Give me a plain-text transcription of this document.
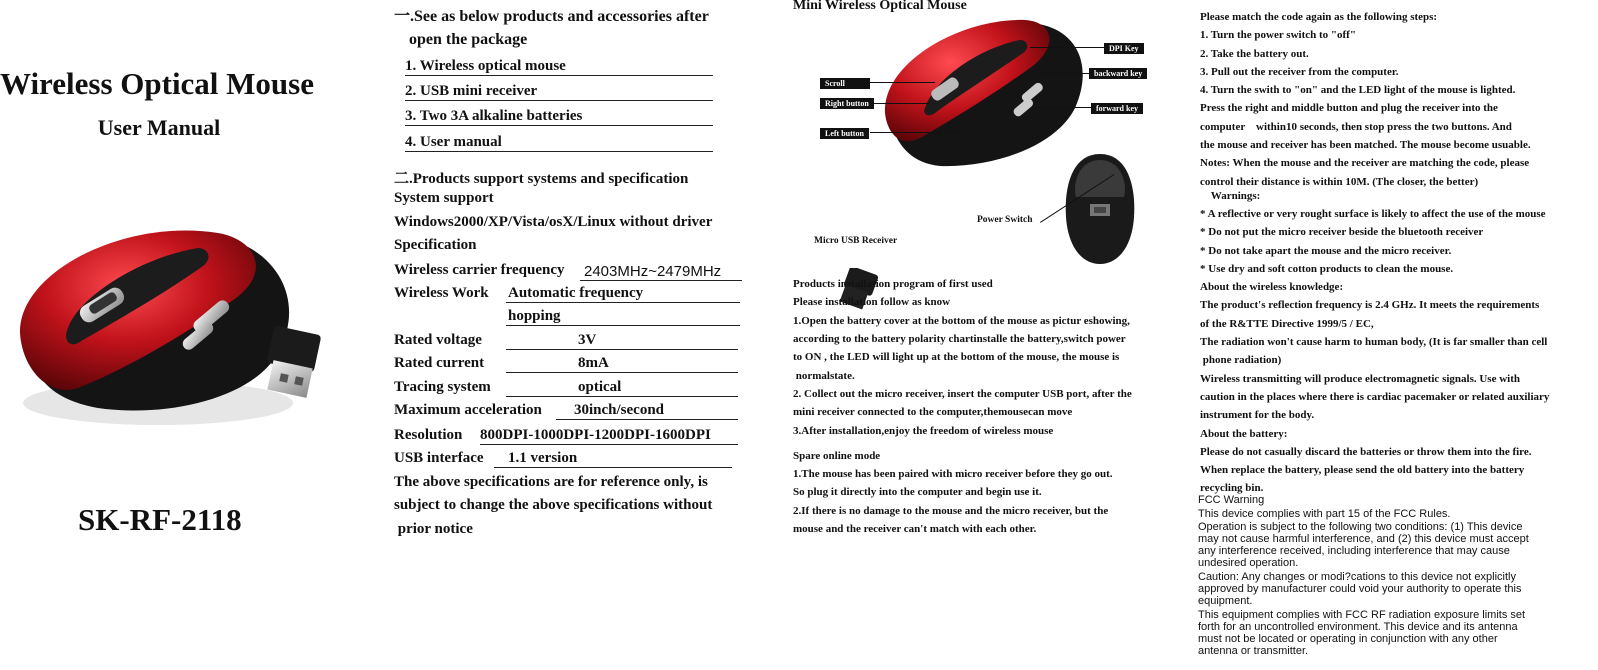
Wireless Optical Mouse
User Manual
SK-RF-2118
一.See as below products and accessories after
open the package
1. Wireless optical mouse
2. USB mini receiver
3. Two 3A alkaline batteries
4. User manual
二.Products support systems and specification
System support
Windows2000/XP/Vista/osX/Linux without driver
Specification
Wireless carrier frequency 2403MHz~2479MHz
Wireless Work Automatic frequency
hopping
Rated voltage	3V
Rated current	8mA
Tracing system	optical
Maximum acceleration	30inch/second
Resolution 800DPI-1000DPI-1200DPI-1600DPI
USB interface	1.1 version
The above specifications are for reference only, is
subject to change the above specifications without
prior notice
Mini Wireless Optical Mouse
DPI Key
backward key
forward key
Scroll
Right button
Left button
Power Switch
Micro USB Receiver
Products installation program of first used
Please installation follow as know
1.Open the battery cover at the bottom of the mouse as pictur eshowing,
according to the battery polarity chartinstalle the battery,switch power
to ON , the LED will light up at the bottom of the mouse, the mouse is
normalstate.
2. Collect out the micro receiver, insert the computer USB port, after the
mini receiver connected to the computer,themousecan move
3.After installation,enjoy the freedom of wireless mouse
Spare online mode
1.The mouse has been paired with micro receiver before they go out.
So plug it directly into the computer and begin use it.
2.If there is no damage to the mouse and the micro receiver, but the
mouse and the receiver can't match with each other.
Please match the code again as the following steps:
1. Turn the power switch to "off"
2. Take the battery out.
3. Pull out the receiver from the computer.
4. Turn the swith to "on" and the LED light of the mouse is lighted.
Press the right and middle button and plug the receiver into the
computer    within10 seconds, then stop press the two buttons. And
the mouse and receiver has been matched. The mouse become usuable.
Notes: When the mouse and the receiver are matching the code, please
control their distance is within 10M. (The closer, the better)
Warnings:
* A reflective or very rought surface is likely to affect the use of the mouse
* Do not put the micro receiver beside the bluetooth receiver
* Do not take apart the mouse and the micro receiver.
* Use dry and soft cotton products to clean the mouse.
About the wireless knowledge:
The product's reflection frequency is 2.4 GHz. It meets the requirements
of the R&TTE Directive 1999/5 / EC,
The radiation won't cause harm to human body, (It is far smaller than cell
phone radiation)
Wireless transmitting will produce electromagnetic signals. Use with
caution in the places where there is cardiac pacemaker or related auxiliary
instrument for the body.
About the battery:
Please do not casually discard the batteries or throw them into the fire.
When replace the battery, please send the old battery into the battery
recycling bin.
FCC Warning
This device complies with part 15 of the FCC Rules.
Operation is subject to the following two conditions: (1) This device
may not cause harmful interference, and (2) this device must accept
any interference received, including interference that may cause
undesired operation.
Caution: Any changes or modi?cations to this device not explicitly
approved by manufacturer could void your authority to operate this
equipment.
This equipment complies with FCC RF radiation exposure limits set
forth for an uncontrolled environment. This device and its antenna
must not be located or operating in conjunction with any other
antenna or transmitter.
